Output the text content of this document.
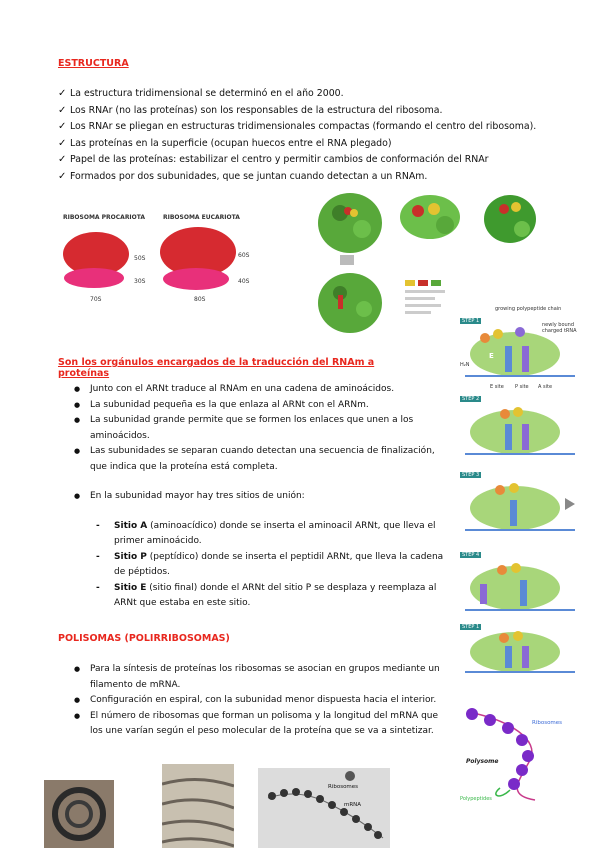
ESTRUCTURA
✓ La estructura tridimensional se determinó en el año 2000.
✓ Los RNAr (no las proteínas) son los responsables de la estructura del ribosoma.
✓ Los RNAr se pliegan en estructuras tridimensionales compactas (formando el centro del ribosoma).
✓ Las proteínas en la superficie (ocupan huecos entre el RNA plegado)
✓ Papel de las proteínas: estabilizar el centro y permitir cambios de conformación del RNAr
✓ Formados por dos subunidades, que se juntan cuando detectan a un RNAm.
RIBOSOMA PROCARIOTA	RIBOSOMA EUCARIOTA
50S
30S
70S
60S
40S
80S
Son los orgánulos encargados de la traducción del RNAm a proteínas
● Junto con el ARNt traduce al RNAm en una cadena de aminoácidos.
● La subunidad pequeña es la que enlaza al ARNt con el ARNm.
● La subunidad grande permite que se formen los enlaces que unen a los aminoácidos.
● Las subunidades se separan cuando detectan una secuencia de finalización, que indica que la proteína está completa.
● En la subunidad mayor hay tres sitios de unión:
- Sitio A (aminoacídico) donde se inserta el aminoacil ARNt, que lleva el primer aminoácido.
- Sitio P (peptídico) donde se inserta el peptidil ARNt, que lleva la cadena de péptidos.
- Sitio E (sitio final) donde el ARNt del sitio P se desplaza y reemplaza al ARNt que estaba en este sitio.
growing polypeptide chain
STEP 1
newly bound charged tRNA
H₂N
E
E site P site A site
STEP 2
STEP 3
STEP 4
STEP 1
POLISOMAS (POLIRRIBOSOMAS)
● Para la síntesis de proteínas los ribosomas se asocian en grupos mediante un filamento de mRNA.
● Configuración en espiral, con la subunidad menor dispuesta hacia el interior.
● El número de ribosomas que forman un polisoma y la longitud del mRNA que los une varían según el peso molecular de la proteína que se va a sintetizar.
Ribosomes
Polysome
Polypeptides
Ribosomes
mRNA
